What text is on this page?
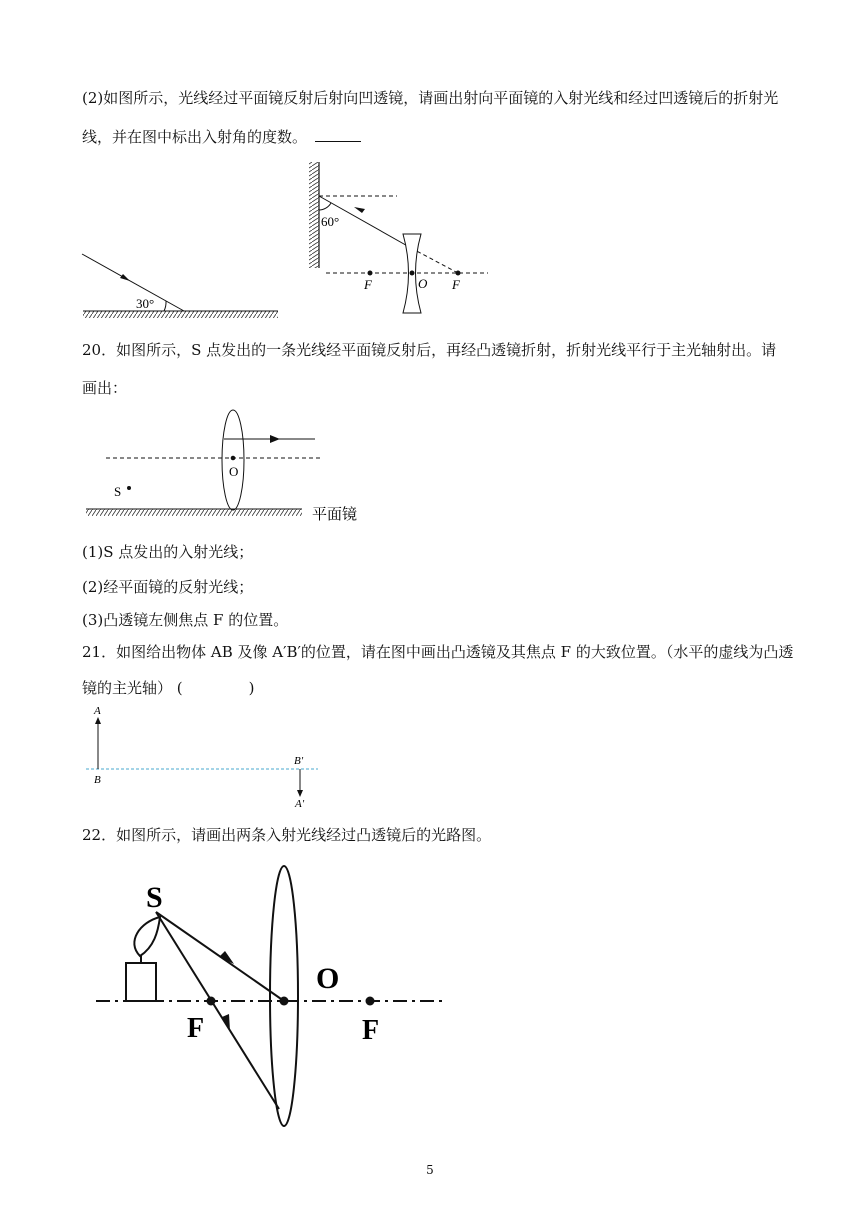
(2)如图所示，光线经过平面镜反射后射向凹透镜，请画出射向平面镜的入射光线和经过凹透镜后的折射光
线，并在图中标出入射角的度数。
30°
60°
F	O F
20．如图所示，S 点发出的一条光线经平面镜反射后，再经凸透镜折射，折射光线平行于主光轴射出。请
画出：
O
S
平面镜
(1)S 点发出的入射光线；
(2)经平面镜的反射光线；
(3)凸透镜左侧焦点 F 的位置。
21．如图给出物体 AB 及像 A′B′的位置，请在图中画出凸透镜及其焦点 F 的大致位置。（水平的虚线为凸透
镜的主光轴） (	)
A
B
B′
A′
22．如图所示，请画出两条入射光线经过凸透镜后的光路图。
S
F
O
F
5
